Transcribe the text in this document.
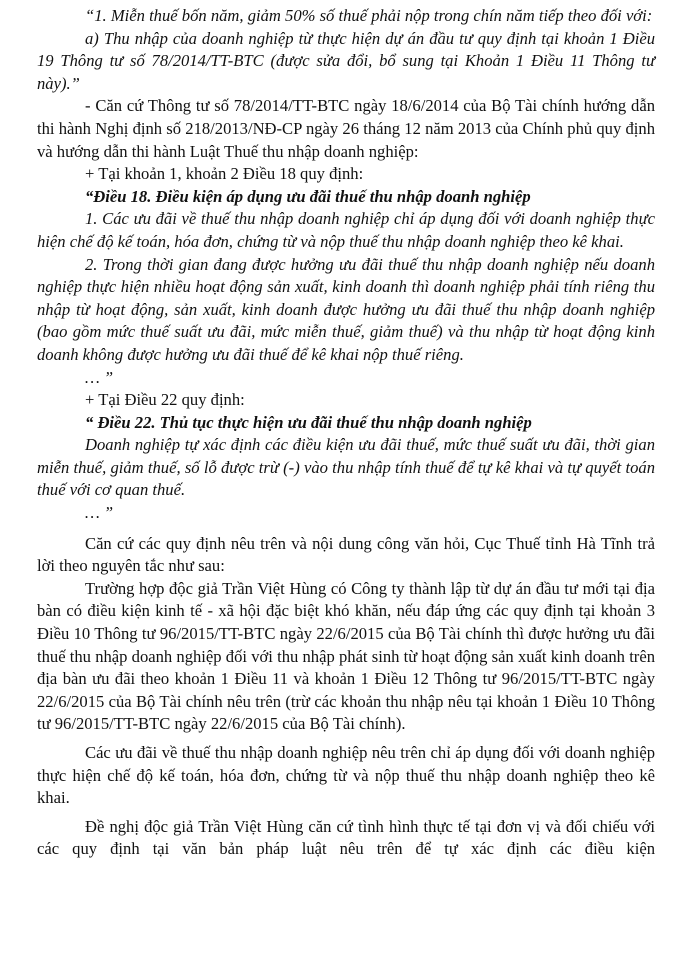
“1. Miễn thuế bốn năm, giảm 50% số thuế phải nộp trong chín năm tiếp theo đối với:

a) Thu nhập của doanh nghiệp từ thực hiện dự án đầu tư quy định tại khoản 1 Điều 19 Thông tư số 78/2014/TT-BTC (được sửa đổi, bổ sung tại Khoản 1 Điều 11 Thông tư này).”

- Căn cứ Thông tư số 78/2014/TT-BTC ngày 18/6/2014 của Bộ Tài chính hướng dẫn thi hành Nghị định số 218/2013/NĐ-CP ngày 26 tháng 12 năm 2013 của Chính phủ quy định và hướng dẫn thi hành Luật Thuế thu nhập doanh nghiệp:

+ Tại khoản 1, khoản 2 Điều 18 quy định:

“Điều 18. Điều kiện áp dụng ưu đãi thuế thu nhập doanh nghiệp

1. Các ưu đãi về thuế thu nhập doanh nghiệp chỉ áp dụng đối với doanh nghiệp thực hiện chế độ kế toán, hóa đơn, chứng từ và nộp thuế thu nhập doanh nghiệp theo kê khai.

2. Trong thời gian đang được hưởng ưu đãi thuế thu nhập doanh nghiệp nếu doanh nghiệp thực hiện nhiều hoạt động sản xuất, kinh doanh thì doanh nghiệp phải tính riêng thu nhập từ hoạt động, sản xuất, kinh doanh được hưởng ưu đãi thuế thu nhập doanh nghiệp (bao gồm mức thuế suất ưu đãi, mức miễn thuế, giảm thuế) và thu nhập từ hoạt động kinh doanh không được hưởng ưu đãi thuế để kê khai nộp thuế riêng.

… ”

+ Tại Điều 22 quy định:

“ Điều 22. Thủ tục thực hiện ưu đãi thuế thu nhập doanh nghiệp

Doanh nghiệp tự xác định các điều kiện ưu đãi thuế, mức thuế suất ưu đãi, thời gian miễn thuế, giảm thuế, số lỗ được trừ (-) vào thu nhập tính thuế để tự kê khai và tự quyết toán thuế với cơ quan thuế.

… ”

Căn cứ các quy định nêu trên và nội dung công văn hỏi, Cục Thuế tỉnh Hà Tĩnh trả lời theo nguyên tắc như sau:

Trường hợp độc giả Trần Việt Hùng có Công ty thành lập từ dự án đầu tư mới tại địa bàn có điều kiện kinh tế - xã hội đặc biệt khó khăn, nếu đáp ứng các quy định tại khoản 3 Điều 10 Thông tư 96/2015/TT-BTC ngày 22/6/2015 của Bộ Tài chính thì được hưởng ưu đãi thuế thu nhập doanh nghiệp đối với thu nhập phát sinh từ hoạt động sản xuất kinh doanh trên địa bàn ưu đãi theo khoản 1 Điều 11 và khoản 1 Điều 12 Thông tư 96/2015/TT-BTC ngày 22/6/2015 của Bộ Tài chính nêu trên (trừ các khoản thu nhập nêu tại khoản 1 Điều 10 Thông tư 96/2015/TT-BTC ngày 22/6/2015 của Bộ Tài chính).

Các ưu đãi về thuế thu nhập doanh nghiệp nêu trên chỉ áp dụng đối với doanh nghiệp thực hiện chế độ kế toán, hóa đơn, chứng từ và nộp thuế thu nhập doanh nghiệp theo kê khai.

Đề nghị độc giả Trần Việt Hùng căn cứ tình hình thực tế tại đơn vị và đối chiếu với các quy định tại văn bản pháp luật nêu trên để tự xác định các điều kiện
